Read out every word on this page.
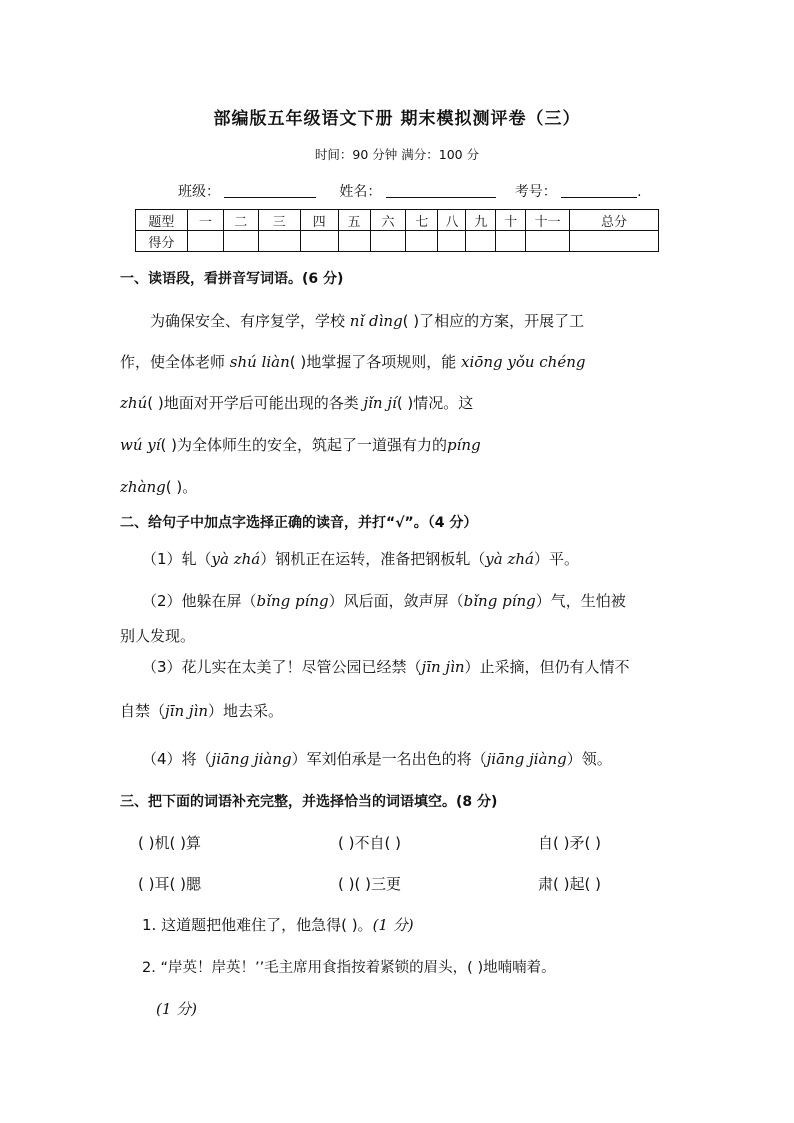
部编版五年级语文下册 期末模拟测评卷（三）
时间：90 分钟 满分：100 分
班级：	姓名：	考号：	.
题型	一	二	三	四	五	六	七	八	九	十	十一	总分
得分												
一、读语段，看拼音写词语。(6 分)
为确保安全、有序复学，学校 nǐ dìng( )了相应的方案，开展了工
作，使全体老师 shú liàn( )地掌握了各项规则，能 xiōng yǒu chéng
zhú( )地面对开学后可能出现的各类 jǐn jí( )情况。这
wú yí( )为全体师生的安全，筑起了一道强有力的píng
zhàng( )。
二、给句子中加点字选择正确的读音，并打“√”。（4 分）
（1）轧（yà zhá）钢机正在运转，准备把钢板轧（yà zhá）平。
（2）他躲在屏（bǐng píng）风后面，敛声屏（bǐng píng）气，生怕被
别人发现。
（3）花儿实在太美了！尽管公园已经禁（jīn jìn）止采摘，但仍有人情不
自禁（jīn jìn）地去采。
（4）将（jiāng jiàng）军刘伯承是一名出色的将（jiāng jiàng）领。
三、把下面的词语补充完整，并选择恰当的词语填空。(8 分)
( )机( )算	( )不自( )	自( )矛( )
( )耳( )腮	( )( )三更	肃( )起( )
1. 这道题把他难住了，他急得( )。(1 分)
2. “岸英！岸英！’’毛主席用食指按着紧锁的眉头，( )地喃喃着。
(1 分)
